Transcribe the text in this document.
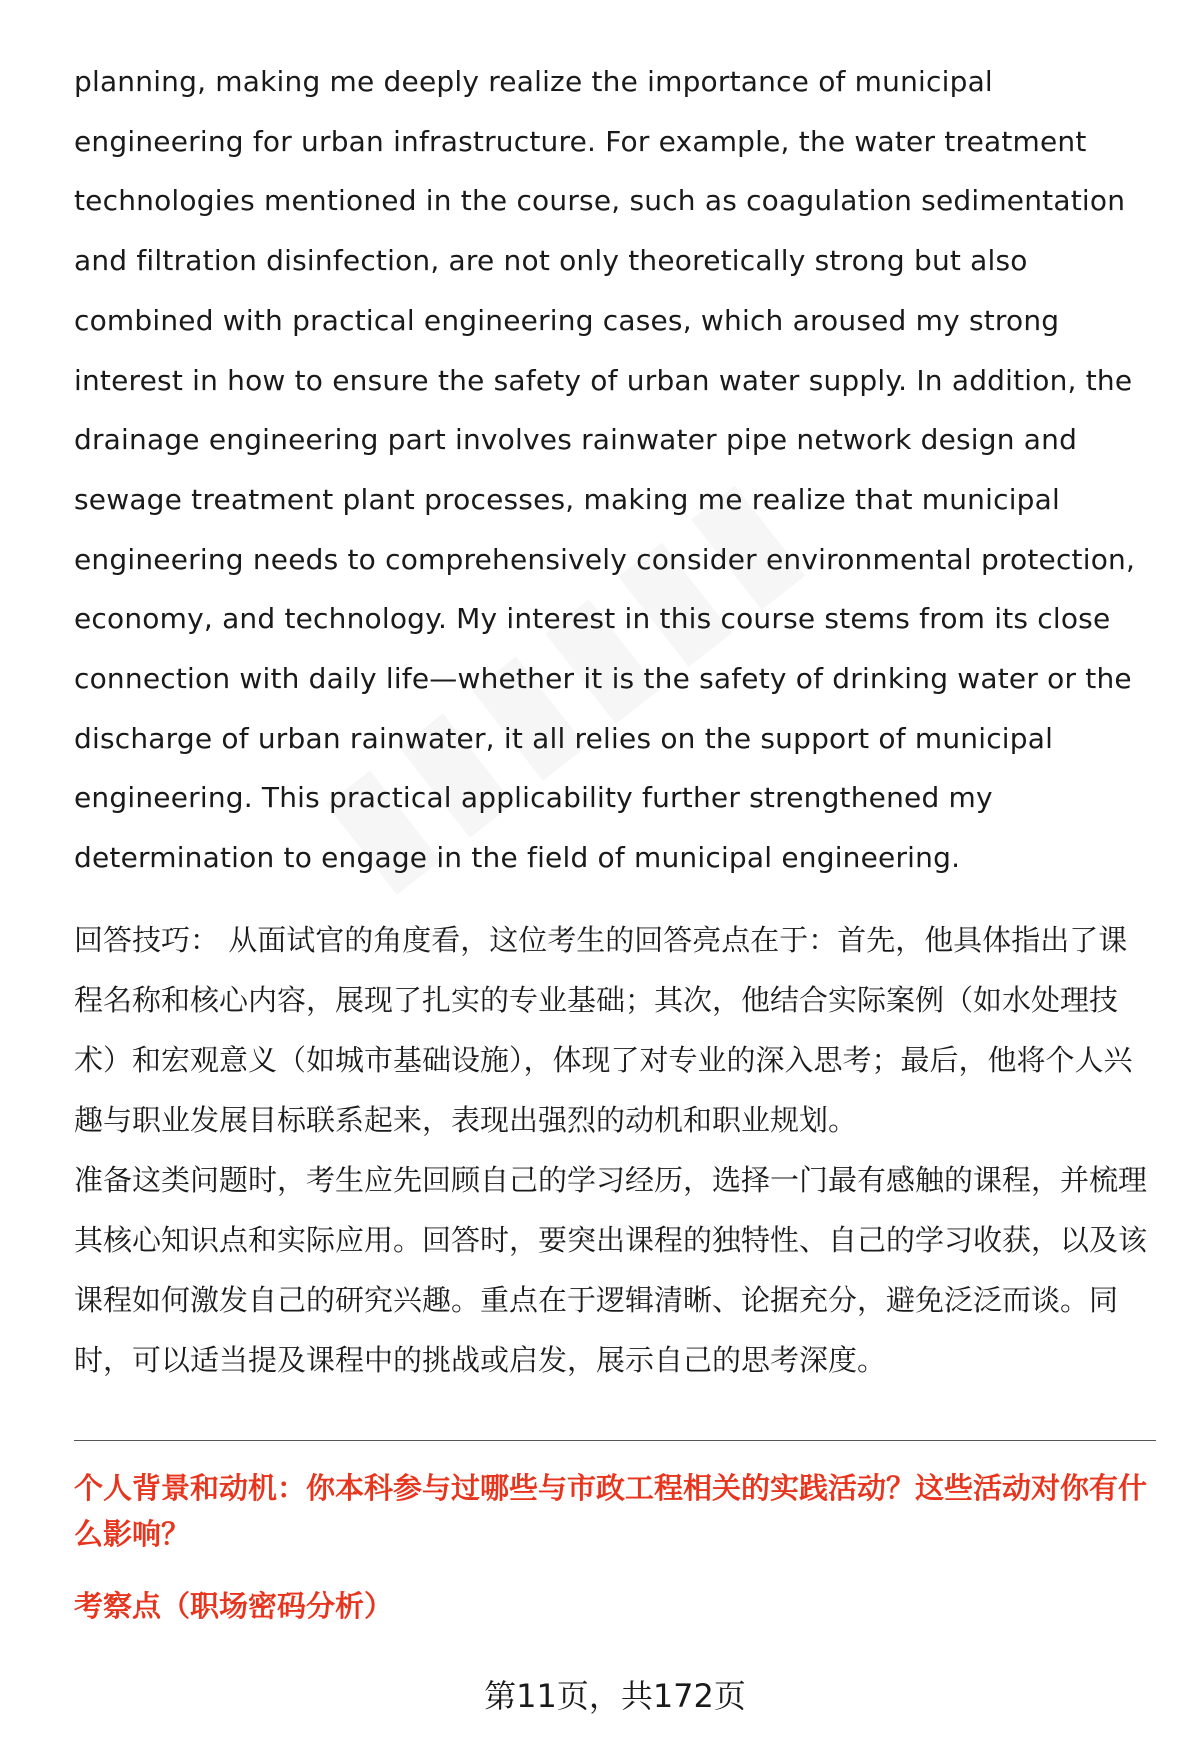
planning, making me deeply realize the importance of municipal engineering for urban infrastructure. For example, the water treatment technologies mentioned in the course, such as coagulation sedimentation and filtration disinfection, are not only theoretically strong but also combined with practical engineering cases, which aroused my strong interest in how to ensure the safety of urban water supply. In addition, the drainage engineering part involves rainwater pipe network design and sewage treatment plant processes, making me realize that municipal engineering needs to comprehensively consider environmental protection, economy, and technology. My interest in this course stems from its close connection with daily life—whether it is the safety of drinking water or the discharge of urban rainwater, it all relies on the support of municipal engineering. This practical applicability further strengthened my determination to engage in the field of municipal engineering.

回答技巧： 从面试官的角度看，这位考生的回答亮点在于：首先，他具体指出了课程名称和核心内容，展现了扎实的专业基础；其次，他结合实际案例（如水处理技术）和宏观意义（如城市基础设施），体现了对专业的深入思考；最后，他将个人兴趣与职业发展目标联系起来，表现出强烈的动机和职业规划。

准备这类问题时，考生应先回顾自己的学习经历，选择一门最有感触的课程，并梳理其核心知识点和实际应用。回答时，要突出课程的独特性、自己的学习收获，以及该课程如何激发自己的研究兴趣。重点在于逻辑清晰、论据充分，避免泛泛而谈。同时，可以适当提及课程中的挑战或启发，展示自己的思考深度。

个人背景和动机：你本科参与过哪些与市政工程相关的实践活动？这些活动对你有什么影响？

考察点（职场密码分析）

第11页，共172页
